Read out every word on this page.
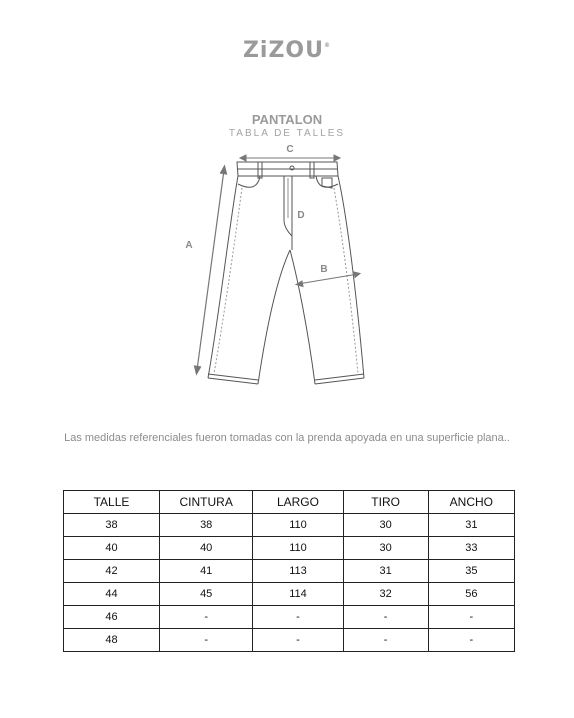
ZiZOU®
PANTALON
TABLA DE TALLES
C
A
D
B
Las medidas referenciales fueron tomadas con la prenda apoyada en una superficie plana..
TALLE	CINTURA	LARGO	TIRO	ANCHO
38	38	110	30	31
40	40	110	30	33
42	41	113	31	35
44	45	114	32	56
46	-	-	-	-
48	-	-	-	-
